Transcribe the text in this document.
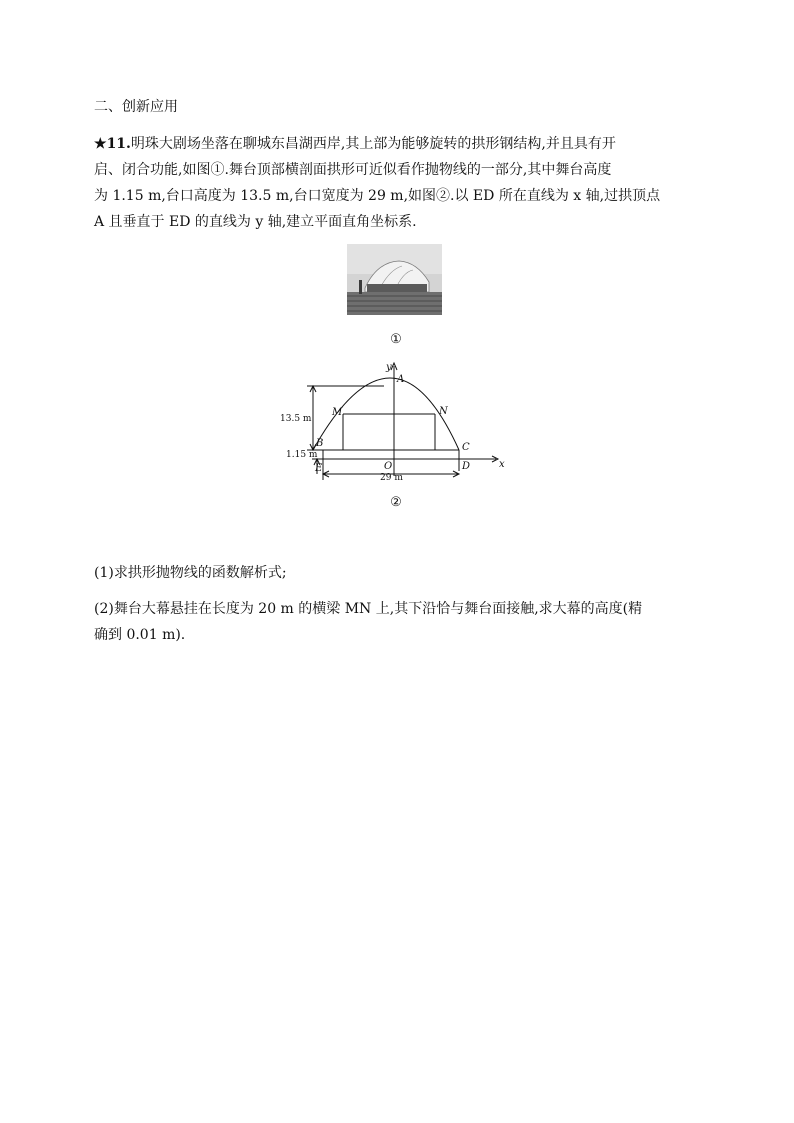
二、创新应用
★11.明珠大剧场坐落在聊城东昌湖西岸,其上部为能够旋转的拱形钢结构,并且具有开
启、闭合功能,如图①.舞台顶部横剖面拱形可近似看作抛物线的一部分,其中舞台高度
为 1.15 m,台口高度为 13.5 m,台口宽度为 29 m,如图②.以 ED 所在直线为 x 轴,过拱顶点
A 且垂直于 ED 的直线为 y 轴,建立平面直角坐标系.
①
y
A
M	N
B	C
E	D
O	x
13.5 m
1.15 m
29 m
②
(1)求拱形抛物线的函数解析式;
(2)舞台大幕悬挂在长度为 20 m 的横梁 MN 上,其下沿恰与舞台面接触,求大幕的高度(精
确到 0.01 m).
